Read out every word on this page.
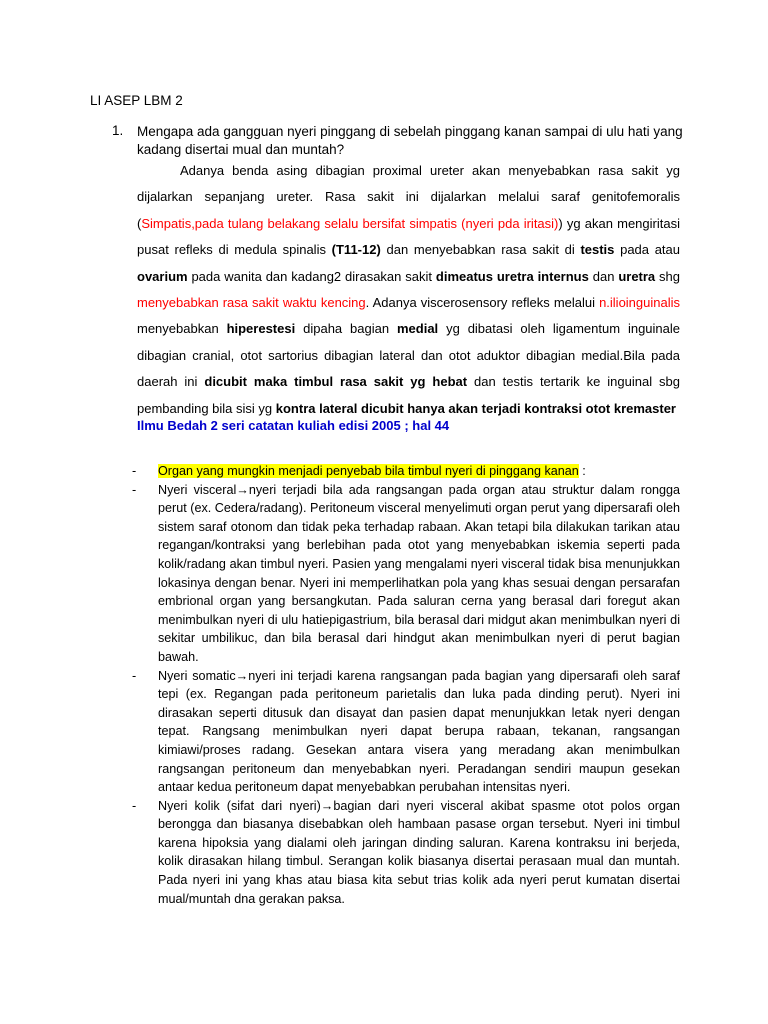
LI ASEP LBM 2
1. Mengapa ada gangguan nyeri pinggang di sebelah pinggang kanan sampai di ulu hati yang kadang disertai mual dan muntah?
Adanya benda asing dibagian proximal ureter akan menyebabkan rasa sakit yg dijalarkan sepanjang ureter. Rasa sakit ini dijalarkan melalui saraf genitofemoralis (Simpatis,pada tulang belakang selalu bersifat simpatis (nyeri pda iritasi)) yg akan mengiritasi pusat refleks di medula spinalis (T11-12) dan menyebabkan rasa sakit di testis pada atau ovarium pada wanita dan kadang2 dirasakan sakit dimeatus uretra internus dan uretra shg menyebabkan rasa sakit waktu kencing. Adanya viscerosensory refleks melalui n.ilioinguinalis menyebabkan hiperestesi dipaha bagian medial yg dibatasi oleh ligamentum inguinale dibagian cranial, otot sartorius dibagian lateral dan otot aduktor dibagian medial.Bila pada daerah ini dicubit maka timbul rasa sakit yg hebat dan testis tertarik ke inguinal sbg pembanding bila sisi yg kontra lateral dicubit hanya akan terjadi kontraksi otot kremaster
Ilmu Bedah 2 seri catatan kuliah edisi 2005 ; hal 44
- Organ yang mungkin menjadi penyebab bila timbul nyeri di pinggang kanan :
- Nyeri visceral→nyeri terjadi bila ada rangsangan pada organ atau struktur dalam rongga perut (ex. Cedera/radang). Peritoneum visceral menyelimuti organ perut yang dipersarafi oleh sistem saraf otonom dan tidak peka terhadap rabaan. Akan tetapi bila dilakukan tarikan atau regangan/kontraksi yang berlebihan pada otot yang menyebabkan iskemia seperti pada kolik/radang akan timbul nyeri. Pasien yang mengalami nyeri visceral tidak bisa menunjukkan lokasinya dengan benar. Nyeri ini memperlihatkan pola yang khas sesuai dengan persarafan embrional organ yang bersangkutan. Pada saluran cerna yang berasal dari foregut akan menimbulkan nyeri di ulu hatiepigastrium, bila berasal dari midgut akan menimbulkan nyeri di sekitar umbilikuc, dan bila berasal dari hindgut akan menimbulkan nyeri di perut bagian bawah.
- Nyeri somatic→nyeri ini terjadi karena rangsangan pada bagian yang dipersarafi oleh saraf tepi (ex. Regangan pada peritoneum parietalis dan luka pada dinding perut). Nyeri ini dirasakan seperti ditusuk dan disayat dan pasien dapat menunjukkan letak nyeri dengan tepat. Rangsang menimbulkan nyeri dapat berupa rabaan, tekanan, rangsangan kimiawi/proses radang. Gesekan antara visera yang meradang akan menimbulkan rangsangan peritoneum dan menyebabkan nyeri. Peradangan sendiri maupun gesekan antaar kedua peritoneum dapat menyebabkan perubahan intensitas nyeri.
- Nyeri kolik (sifat dari nyeri)→bagian dari nyeri visceral akibat spasme otot polos organ berongga dan biasanya disebabkan oleh hambaan pasase organ tersebut. Nyeri ini timbul karena hipoksia yang dialami oleh jaringan dinding saluran. Karena kontraksu ini berjeda, kolik dirasakan hilang timbul. Serangan kolik biasanya disertai perasaan mual dan muntah. Pada nyeri ini yang khas atau biasa kita sebut trias kolik ada nyeri perut kumatan disertai mual/muntah dna gerakan paksa.
